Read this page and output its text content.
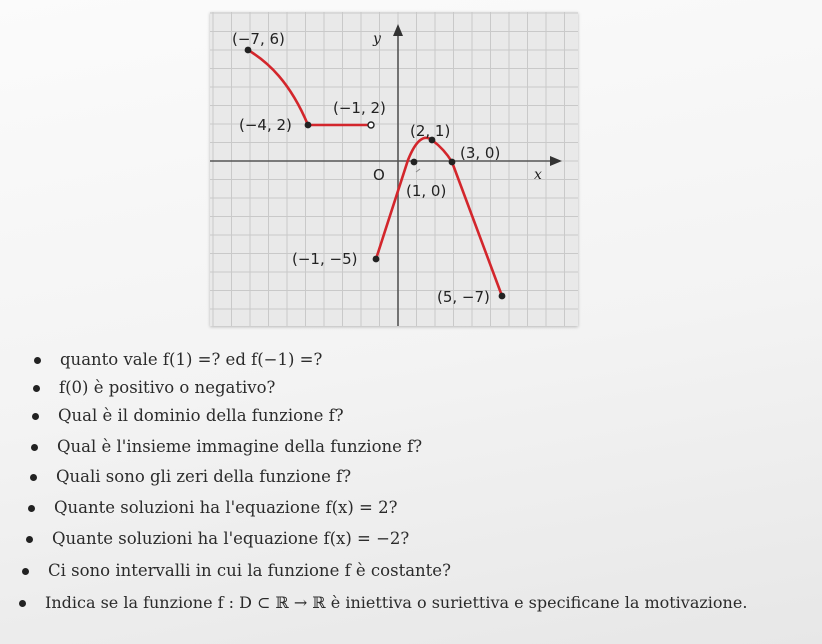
x
y
O
(−7, 6)
(−4, 2)
(−1, 2)
(2, 1)
(3, 0)
(1, 0)
(−1, −5)
(5, −7)
quanto vale f(1) =? ed f(−1) =?
f(0) è positivo o negativo?
Qual è il dominio della funzione f?
Qual è l'insieme immagine della funzione f?
Quali sono gli zeri della funzione f?
Quante soluzioni ha l'equazione f(x) = 2?
Quante soluzioni ha l'equazione f(x) = −2?
Ci sono intervalli in cui la funzione f è costante?
Indica se la funzione f : D ⊂ ℝ → ℝ è iniettiva o suriettiva e specificane la motivazione.
